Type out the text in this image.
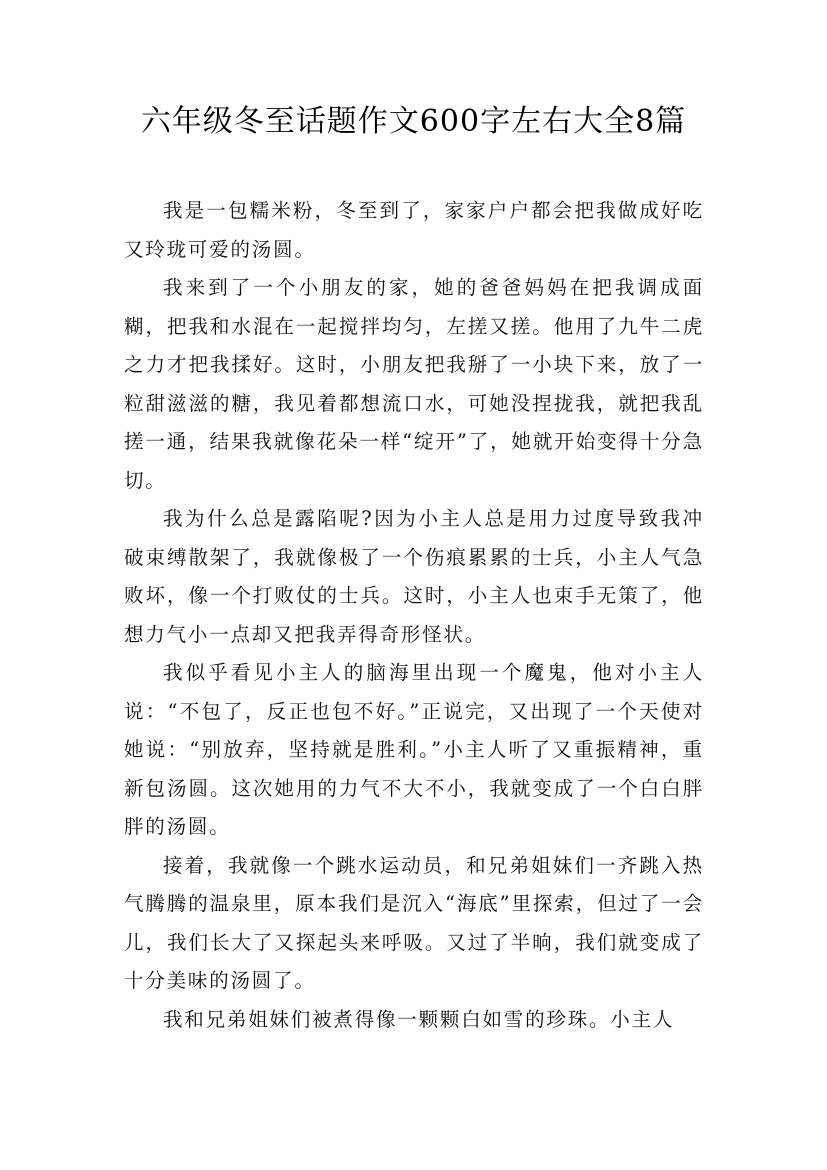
六年级冬至话题作文600字左右大全8篇

我是一包糯米粉，冬至到了，家家户户都会把我做成好吃又玲珑可爱的汤圆。

我来到了一个小朋友的家，她的爸爸妈妈在把我调成面糊，把我和水混在一起搅拌均匀，左搓又搓。他用了九牛二虎之力才把我揉好。这时，小朋友把我掰了一小块下来，放了一粒甜滋滋的糖，我见着都想流口水，可她没捏拢我，就把我乱搓一通，结果我就像花朵一样“绽开”了，她就开始变得十分急切。

我为什么总是露陷呢?因为小主人总是用力过度导致我冲破束缚散架了，我就像极了一个伤痕累累的士兵，小主人气急败坏，像一个打败仗的士兵。这时，小主人也束手无策了，他想力气小一点却又把我弄得奇形怪状。

我似乎看见小主人的脑海里出现一个魔鬼，他对小主人说：“不包了，反正也包不好。”正说完，又出现了一个天使对她说：“别放弃，坚持就是胜利。”小主人听了又重振精神，重新包汤圆。这次她用的力气不大不小，我就变成了一个白白胖胖的汤圆。

接着，我就像一个跳水运动员，和兄弟姐妹们一齐跳入热气腾腾的温泉里，原本我们是沉入“海底”里探索，但过了一会儿，我们长大了又探起头来呼吸。又过了半晌，我们就变成了十分美味的汤圆了。

我和兄弟姐妹们被煮得像一颗颗白如雪的珍珠。小主人
